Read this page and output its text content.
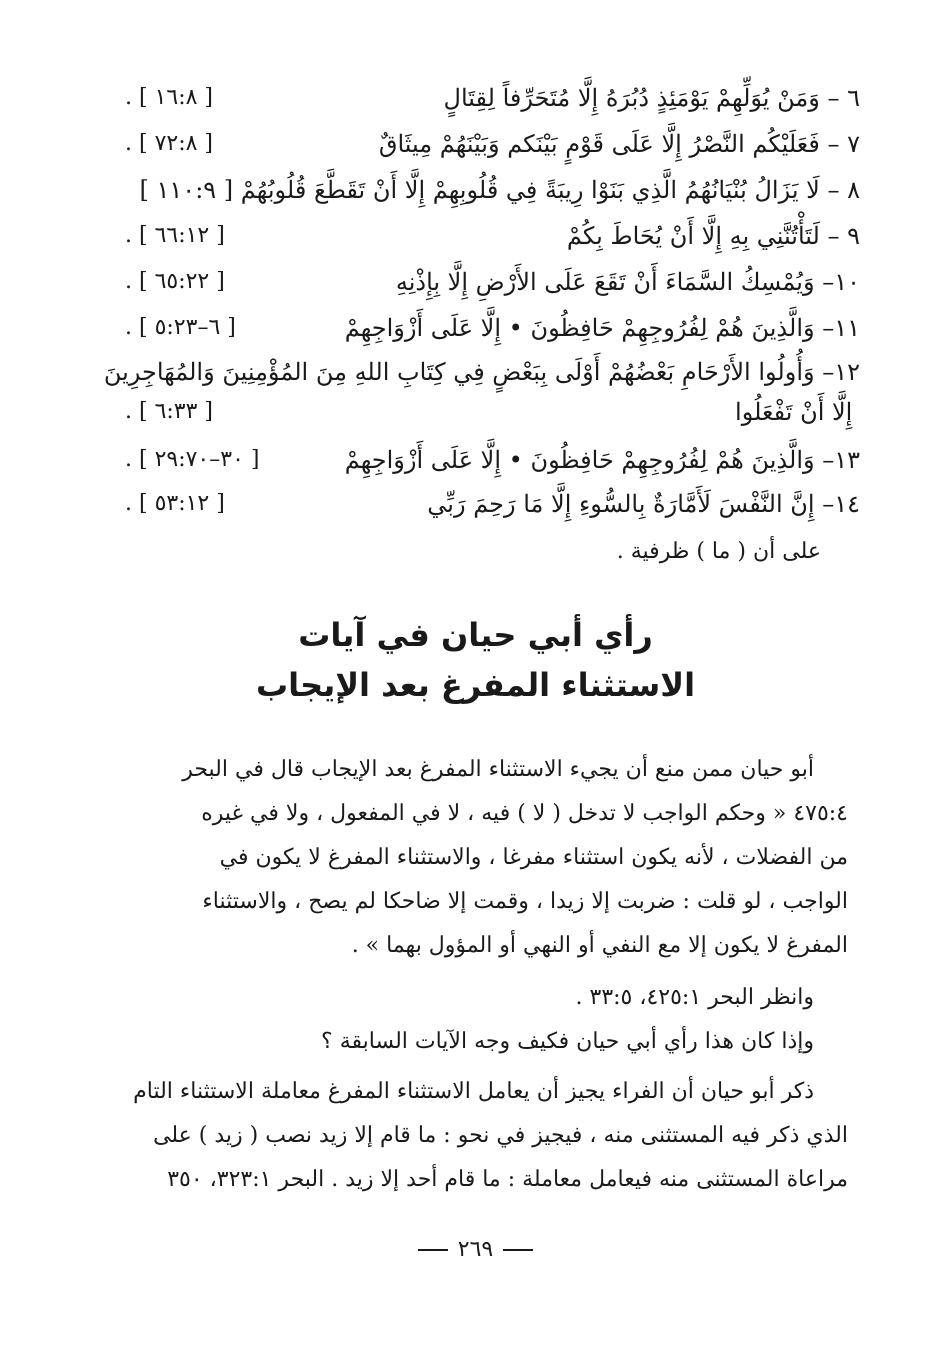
٦ – وَمَنْ يُوَلِّهِمْ يَوْمَئِذٍ دُبُرَهُ إِلَّا مُتَحَرِّفاً لِقِتَالٍ
. [ ١٦:٨ ]
٧ – فَعَلَيْكُم النَّصْرُ إِلَّا عَلَى قَوْمٍ بَيْنَكم وَبَيْنَهُمْ مِيثَاقٌ
. [ ٧٢:٨ ]
٨ – لَا يَزَالُ بُنْيَانُهُمُ الَّذِي بَنَوْا رِيبَةً فِي قُلُوبِهِمْ إِلَّا أَنْ تَقَطَّعَ قُلُوبُهُمْ [ ١١٠:٩ ]
٩ – لَتَأْتُنَّنِي بِهِ إِلَّا أَنْ يُحَاطَ بِكُمْ
. [ ٦٦:١٢ ]
١٠– وَيُمْسِكُ السَّمَاءَ أَنْ تَقَعَ عَلَى الأَرْضِ إِلَّا بِإِذْنِهِ
. [ ٦٥:٢٢ ]
١١– وَالَّذِينَ هُمْ لِفُرُوجِهِمْ حَافِظُونَ • إِلَّا عَلَى أَزْوَاجِهِمْ
. [ ٦–٥:٢٣ ]
١٢– وَأُولُوا الأَرْحَامِ بَعْضُهُمْ أَوْلَى بِبَعْضٍ فِي كِتَابِ اللهِ مِنَ المُؤْمِنِينَ وَالمُهَاجِرِينَ
إِلَّا أَنْ تَفْعَلُوا
. [ ٦:٣٣ ]
١٣– وَالَّذِينَ هُمْ لِفُرُوجِهِمْ حَافِظُونَ • إِلَّا عَلَى أَزْوَاجِهِمْ
. [ ٣٠–٢٩:٧٠ ]
١٤– إِنَّ النَّفْسَ لَأَمَّارَةٌ بِالسُّوءِ إِلَّا مَا رَحِمَ رَبِّي
. [ ٥٣:١٢ ]
على أن ( ما ) ظرفية .
رأي أبي حيان في آيات
الاستثناء المفرغ بعد الإيجاب
أبو حيان ممن منع أن يجيء الاستثناء المفرغ بعد الإيجاب قال في البحر
٤٧٥:٤ « وحكم الواجب لا تدخل ( لا ) فيه ، لا في المفعول ، ولا في غيره
من الفضلات ، لأنه يكون استثناء مفرغا ، والاستثناء المفرغ لا يكون في
الواجب ، لو قلت : ضربت إلا زيدا ، وقمت إلا ضاحكا لم يصح ، والاستثناء
المفرغ لا يكون إلا مع النفي أو النهي أو المؤول بهما » .
وانظر البحر ٤٢٥:١، ٣٣:٥ .
وإذا كان هذا رأي أبي حيان فكيف وجه الآيات السابقة ؟
ذكر أبو حيان أن الفراء يجيز أن يعامل الاستثناء المفرغ معاملة الاستثناء التام
الذي ذكر فيه المستثنى منه ، فيجيز في نحو : ما قام إلا زيد نصب ( زيد ) على
مراعاة المستثنى منه فيعامل معاملة : ما قام أحد إلا زيد . البحر ٣٢٣:١، ٣٥٠
٢٦٩
